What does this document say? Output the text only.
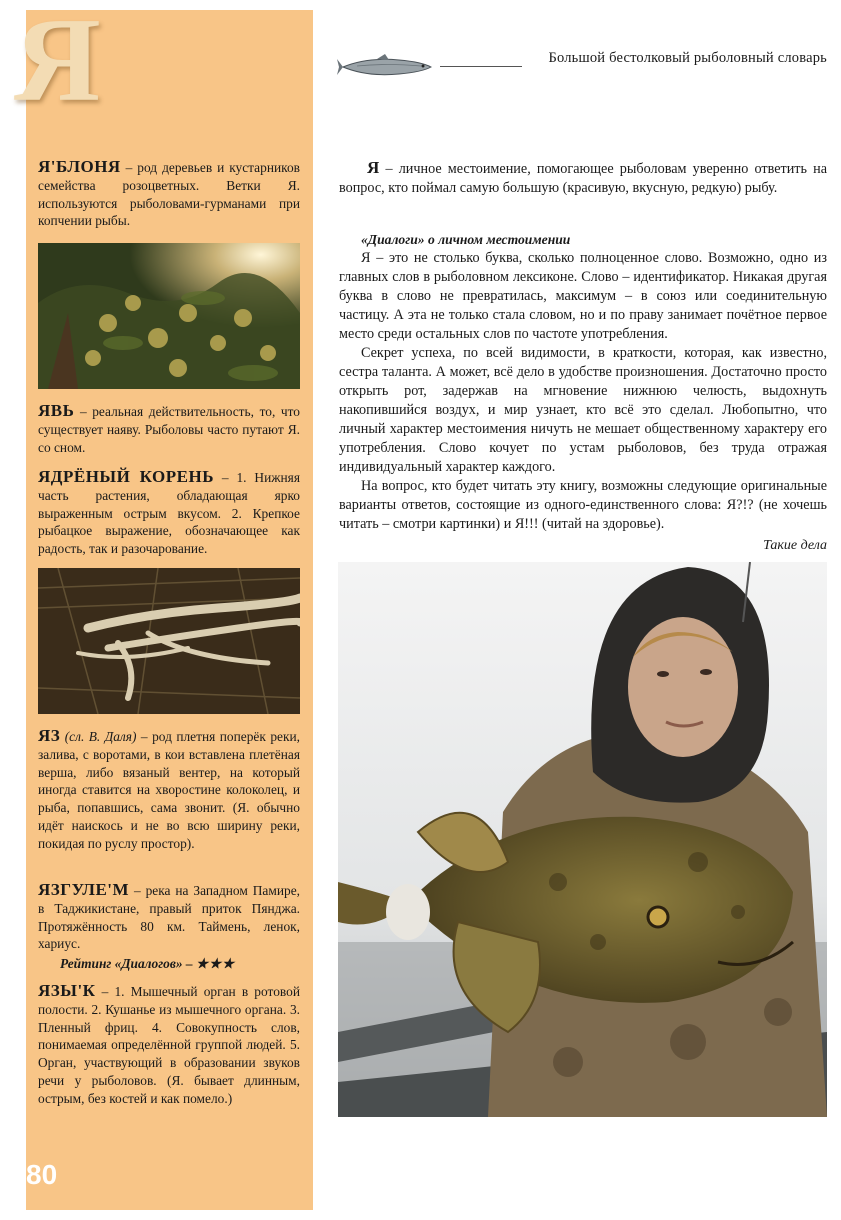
Я
Я'БЛОНЯ – род деревьев и кустарников семейства розоцветных. Ветки Я. используются рыболовами-гурманами при копчении рыбы.
ЯВЬ – реальная действительность, то, что существует наяву. Рыболовы часто путают Я. со сном.
ЯДРЁНЫЙ КОРЕНЬ – 1. Нижняя часть растения, обладающая ярко выраженным острым вкусом. 2. Крепкое рыбацкое выражение, обозначающее как радость, так и разочарование.
ЯЗ (сл. В. Даля) – род плетня поперёк реки, залива, с воротами, в кои вставлена плетёная верша, либо вязаный вентер, на который иногда ставится на хворостине колоколец, и рыба, попавшись, сама звонит. (Я. обычно идёт наискось и не во всю ширину реки, покидая по руслу простор).
ЯЗГУЛЕ'М – река на Западном Памире, в Таджикистане, правый приток Пянджа. Протяжённость 80 км. Таймень, ленок, хариус.
Рейтинг «Диалогов» – ★★★
ЯЗЫ'К – 1. Мышечный орган в ротовой полости. 2. Кушанье из мышечного органа. 3. Пленный фриц. 4. Совокупность слов, понимаемая определённой группой людей. 5. Орган, участвующий в образовании звуков речи у рыболовов. (Я. бывает длинным, острым, без костей и как помело.)
80
Большой бестолковый рыболовный словарь

Я – личное местоимение, помогающее рыболовам уверенно ответить на вопрос, кто поймал самую большую (красивую, вкусную, редкую) рыбу.

«Диалоги» о личном местоимении

Я – это не столько буква, сколько полноценное слово. Возможно, одно из главных слов в рыболовном лексиконе. Слово – идентификатор. Никакая другая буква в слово не превратилась, максимум – в союз или соединительную частицу. А эта не только стала словом, но и по праву занимает почётное первое место среди остальных слов по частоте употребления.

Секрет успеха, по всей видимости, в краткости, которая, как известно, сестра таланта. А может, всё дело в удобстве произношения. Достаточно просто открыть рот, задержав на мгновение нижнюю челюсть, выдохнуть накопившийся воздух, и мир узнает, кто всё это сделал. Любопытно, что личный характер местоимения ничуть не мешает общественному характеру его употребления. Слово кочует по устам рыболовов, без труда отражая индивидуальный характер каждого.

На вопрос, кто будет читать эту книгу, возможны следующие оригинальные варианты ответов, состоящие из одного-единственного слова: Я?!? (не хочешь читать – смотри картинки) и Я!!! (читай на здоровье).

Такие дела
